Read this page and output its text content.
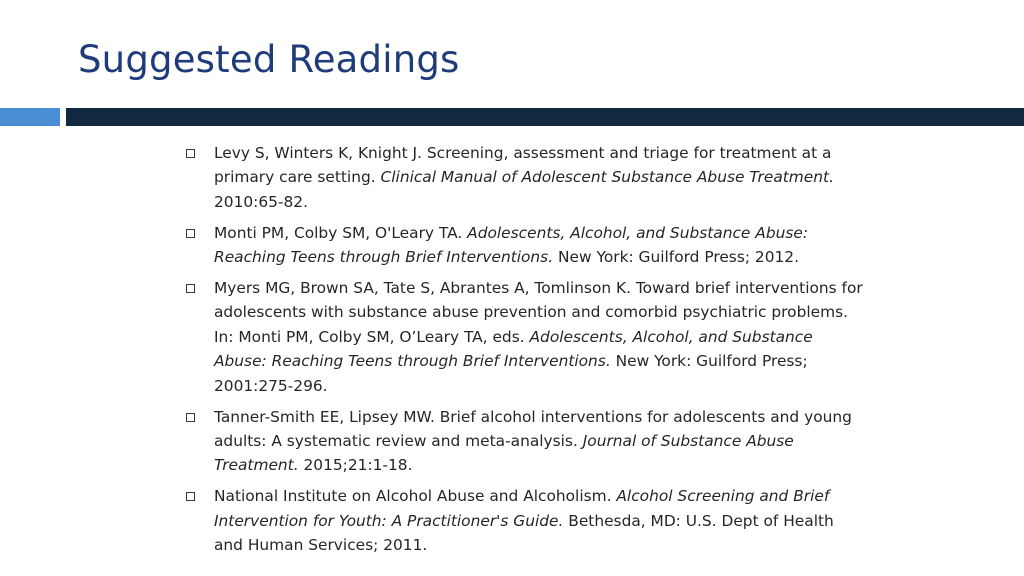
Suggested Readings
Levy S, Winters K, Knight J. Screening, assessment and triage for treatment at a primary care setting. Clinical Manual of Adolescent Substance Abuse Treatment. 2010:65-82.
Monti PM, Colby SM, O'Leary TA. Adolescents, Alcohol, and Substance Abuse: Reaching Teens through Brief Interventions. New York: Guilford Press; 2012.
Myers MG, Brown SA, Tate S, Abrantes A, Tomlinson K. Toward brief interventions for adolescents with substance abuse prevention and comorbid psychiatric problems. In: Monti PM, Colby SM, O’Leary TA, eds. Adolescents, Alcohol, and Substance Abuse: Reaching Teens through Brief Interventions. New York: Guilford Press; 2001:275-296.
Tanner-Smith EE, Lipsey MW. Brief alcohol interventions for adolescents and young adults: A systematic review and meta-analysis. Journal of Substance Abuse Treatment. 2015;21:1-18.
National Institute on Alcohol Abuse and Alcoholism. Alcohol Screening and Brief Intervention for Youth: A Practitioner's Guide. Bethesda, MD: U.S. Dept of Health and Human Services; 2011.
